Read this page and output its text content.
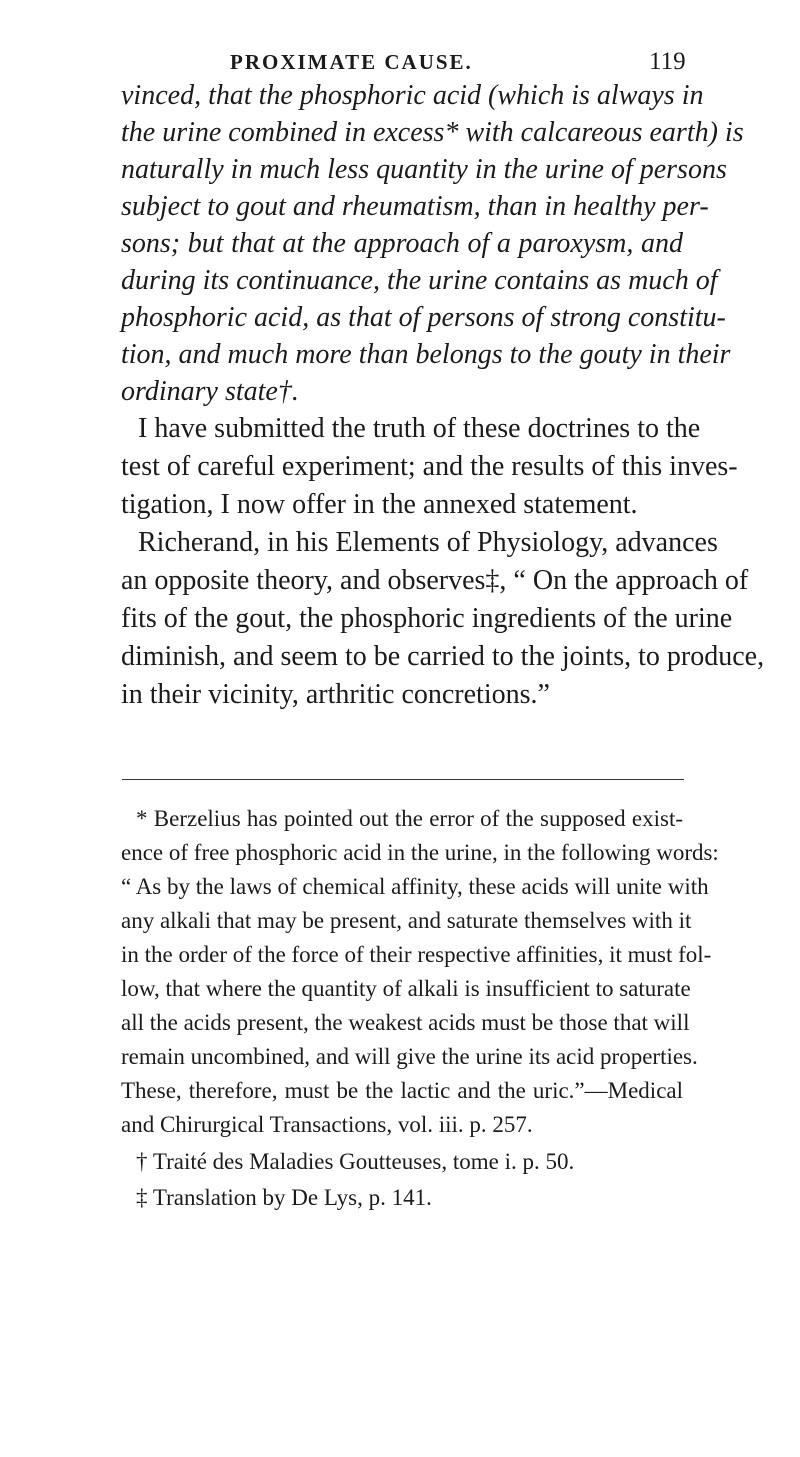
PROXIMATE CAUSE.	119
vinced, that the phosphoric acid (which is always in
the urine combined in excess* with calcareous earth) is
naturally in much less quantity in the urine of persons
subject to gout and rheumatism, than in healthy per-
sons; but that at the approach of a paroxysm, and
during its continuance, the urine contains as much of
phosphoric acid, as that of persons of strong constitu-
tion, and much more than belongs to the gouty in their
ordinary state†.
I have submitted the truth of these doctrines to the
test of careful experiment; and the results of this inves-
tigation, I now offer in the annexed statement.
Richerand, in his Elements of Physiology, advances
an opposite theory, and observes‡, “ On the approach of
fits of the gout, the phosphoric ingredients of the urine
diminish, and seem to be carried to the joints, to produce,
in their vicinity, arthritic concretions.”
* Berzelius has pointed out the error of the supposed exist-
ence of free phosphoric acid in the urine, in the following words:
“ As by the laws of chemical affinity, these acids will unite with
any alkali that may be present, and saturate themselves with it
in the order of the force of their respective affinities, it must fol-
low, that where the quantity of alkali is insufficient to saturate
all the acids present, the weakest acids must be those that will
remain uncombined, and will give the urine its acid properties.
These, therefore, must be the lactic and the uric.”—Medical
and Chirurgical Transactions, vol. iii. p. 257.
† Traité des Maladies Goutteuses, tome i. p. 50.
‡ Translation by De Lys, p. 141.
